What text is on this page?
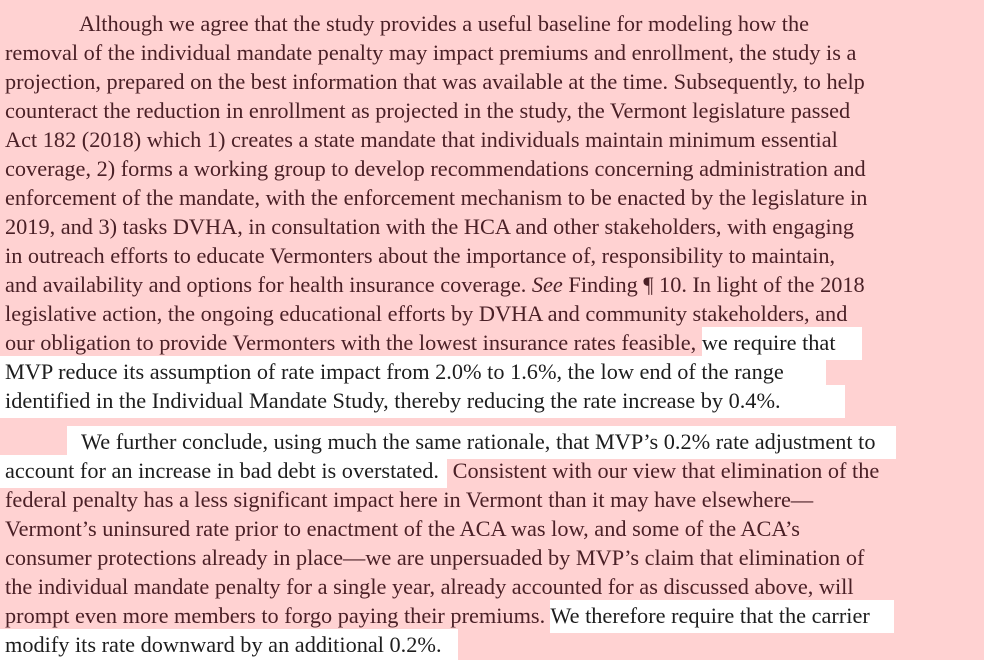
Although we agree that the study provides a useful baseline for modeling how the
removal of the individual mandate penalty may impact premiums and enrollment, the study is a
projection, prepared on the best information that was available at the time. Subsequently, to help
counteract the reduction in enrollment as projected in the study, the Vermont legislature passed
Act 182 (2018) which 1) creates a state mandate that individuals maintain minimum essential
coverage, 2) forms a working group to develop recommendations concerning administration and
enforcement of the mandate, with the enforcement mechanism to be enacted by the legislature in
2019, and 3) tasks DVHA, in consultation with the HCA and other stakeholders, with engaging
in outreach efforts to educate Vermonters about the importance of, responsibility to maintain,
and availability and options for health insurance coverage. See Finding ¶ 10. In light of the 2018
legislative action, the ongoing educational efforts by DVHA and community stakeholders, and
our obligation to provide Vermonters with the lowest insurance rates feasible, we require that
MVP reduce its assumption of rate impact from 2.0% to 1.6%, the low end of the range
identified in the Individual Mandate Study, thereby reducing the rate increase by 0.4%.
We further conclude, using much the same rationale, that MVP’s 0.2% rate adjustment to
account for an increase in bad debt is overstated. Consistent with our view that elimination of the
federal penalty has a less significant impact here in Vermont than it may have elsewhere—
Vermont’s uninsured rate prior to enactment of the ACA was low, and some of the ACA’s
consumer protections already in place—we are unpersuaded by MVP’s claim that elimination of
the individual mandate penalty for a single year, already accounted for as discussed above, will
prompt even more members to forgo paying their premiums. We therefore require that the carrier
modify its rate downward by an additional 0.2%.
